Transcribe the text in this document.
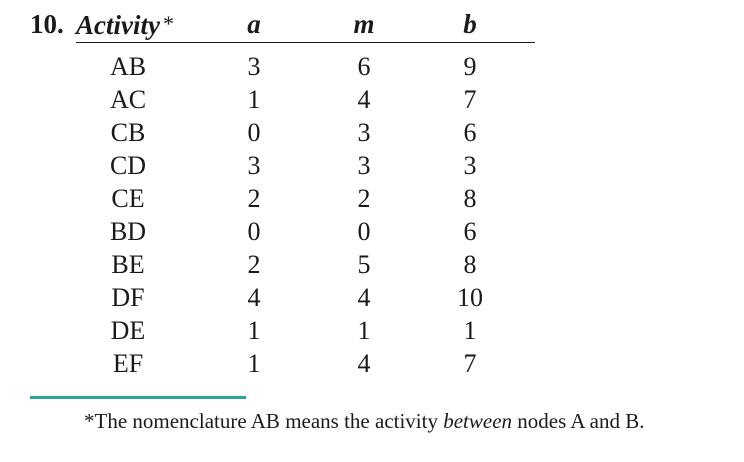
10. Activity *	a	m	b
AB	3	6	9
AC	1	4	7
CB	0	3	6
CD	3	3	3
CE	2	2	8
BD	0	0	6
BE	2	5	8
DF	4	4	10
DE	1	1	1
EF	1	4	7
*The nomenclature AB means the activity between nodes A and B.
